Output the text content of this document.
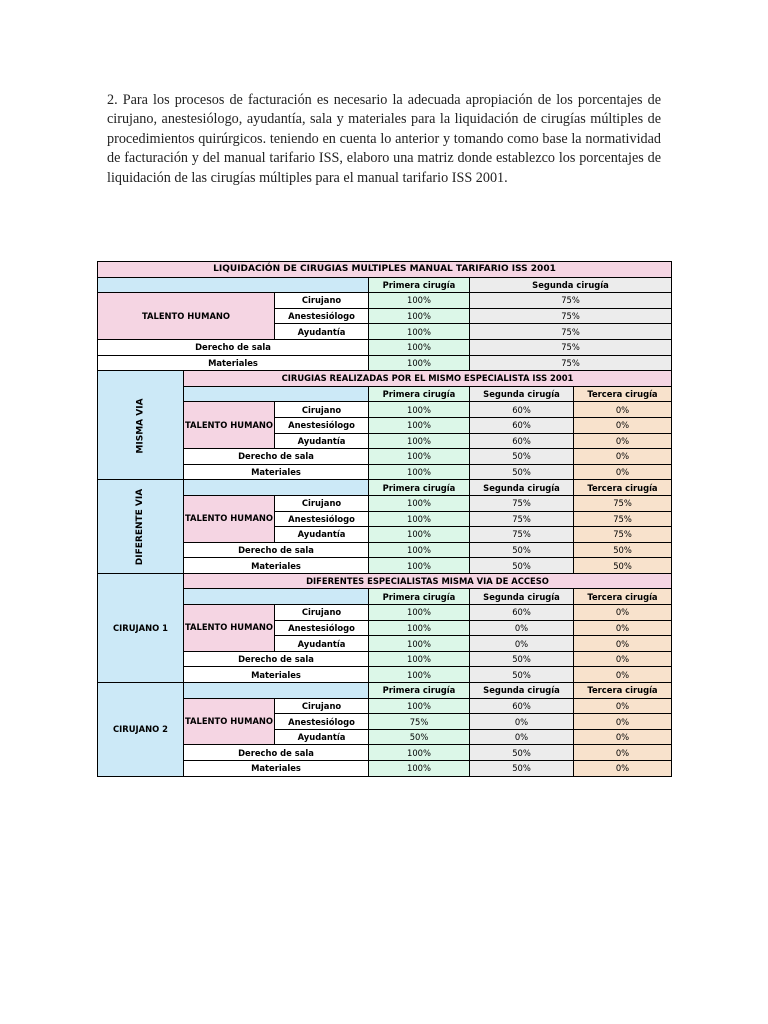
2. Para los procesos de facturación es necesario la adecuada apropiación de los porcentajes de cirujano, anestesiólogo, ayudantía, sala y materiales para la liquidación de cirugías múltiples de procedimientos quirúrgicos. teniendo en cuenta lo anterior y tomando como base la normatividad de facturación y del manual tarifario ISS, elaboro una matriz donde establezco los porcentajes de liquidación de las cirugías múltiples para el manual tarifario ISS 2001.

LIQUIDACIÓN DE CIRUGIAS MULTIPLES MANUAL TARIFARIO ISS 2001					
			Primera cirugía	Segunda cirugía	
TALENTO HUMANO		Cirujano	100%	75%	
		Anestesiólogo	100%	75%	
		Ayudantía	100%	75%	
Derecho de sala			100%	75%	
Materiales			100%	75%	
MISMA VIA	CIRUGIAS REALIZADAS POR EL MISMO ESPECIALISTA ISS 2001				
			Primera cirugía	Segunda cirugía	Tercera cirugía
	TALENTO HUMANO	Cirujano	100%	60%	0%
		Anestesiólogo	100%	60%	0%
		Ayudantía	100%	60%	0%
	Derecho de sala		100%	50%	0%
	Materiales		100%	50%	0%
DIFERENTE VIA			Primera cirugía	Segunda cirugía	Tercera cirugía
	TALENTO HUMANO	Cirujano	100%	75%	75%
		Anestesiólogo	100%	75%	75%
		Ayudantía	100%	75%	75%
	Derecho de sala		100%	50%	50%
	Materiales		100%	50%	50%
CIRUJANO 1	DIFERENTES ESPECIALISTAS MISMA VIA DE ACCESO				
			Primera cirugía	Segunda cirugía	Tercera cirugía
	TALENTO HUMANO	Cirujano	100%	60%	0%
		Anestesiólogo	100%	0%	0%
		Ayudantía	100%	0%	0%
	Derecho de sala		100%	50%	0%
	Materiales		100%	50%	0%
CIRUJANO 2			Primera cirugía	Segunda cirugía	Tercera cirugía
	TALENTO HUMANO	Cirujano	100%	60%	0%
		Anestesiólogo	75%	0%	0%
		Ayudantía	50%	0%	0%
	Derecho de sala		100%	50%	0%
	Materiales		100%	50%	0%
